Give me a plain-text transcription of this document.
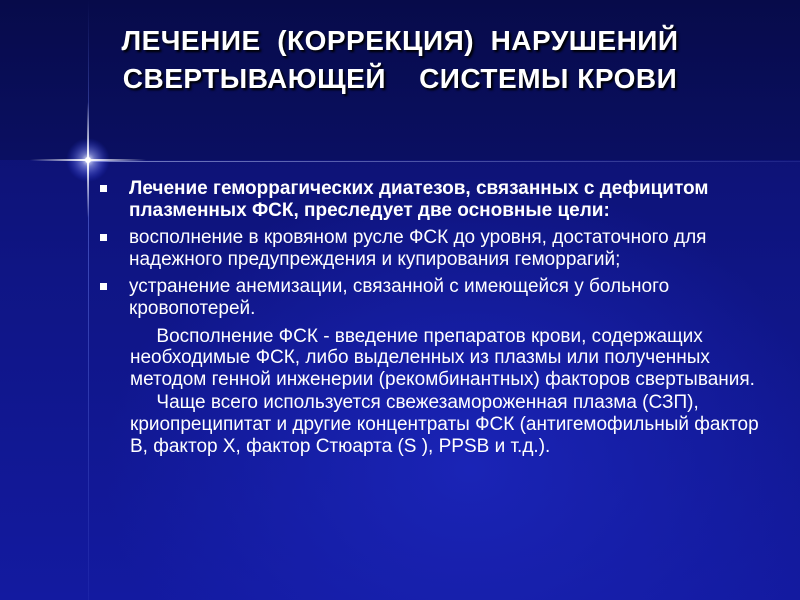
ЛЕЧЕНИЕ  (КОРРЕКЦИЯ)  НАРУШЕНИЙ
СВЕРТЫВАЮЩЕЙ    СИСТЕМЫ КРОВИ
Лечение геморрагических диатезов, связанных с дефицитом плазменных ФСК, преследует две основные цели:
восполнение в кровяном русле ФСК до уровня, достаточного для надежного предупреждения и купирования геморрагий;
устранение анемизации, связанной с имеющейся у больного кровопотерей.
Восполнение ФСК - введение препаратов крови, содержащих необходимые ФСК, либо выделенных из плазмы или полученных методом генной инженерии (рекомбинантных) факторов свертывания.
Чаще всего используется свежезамороженная плазма (СЗП), криопреципитат и другие концентраты ФСК (антигемофильный фактор В, фактор X, фактор Стюарта (S ), PPSB и т.д.).
